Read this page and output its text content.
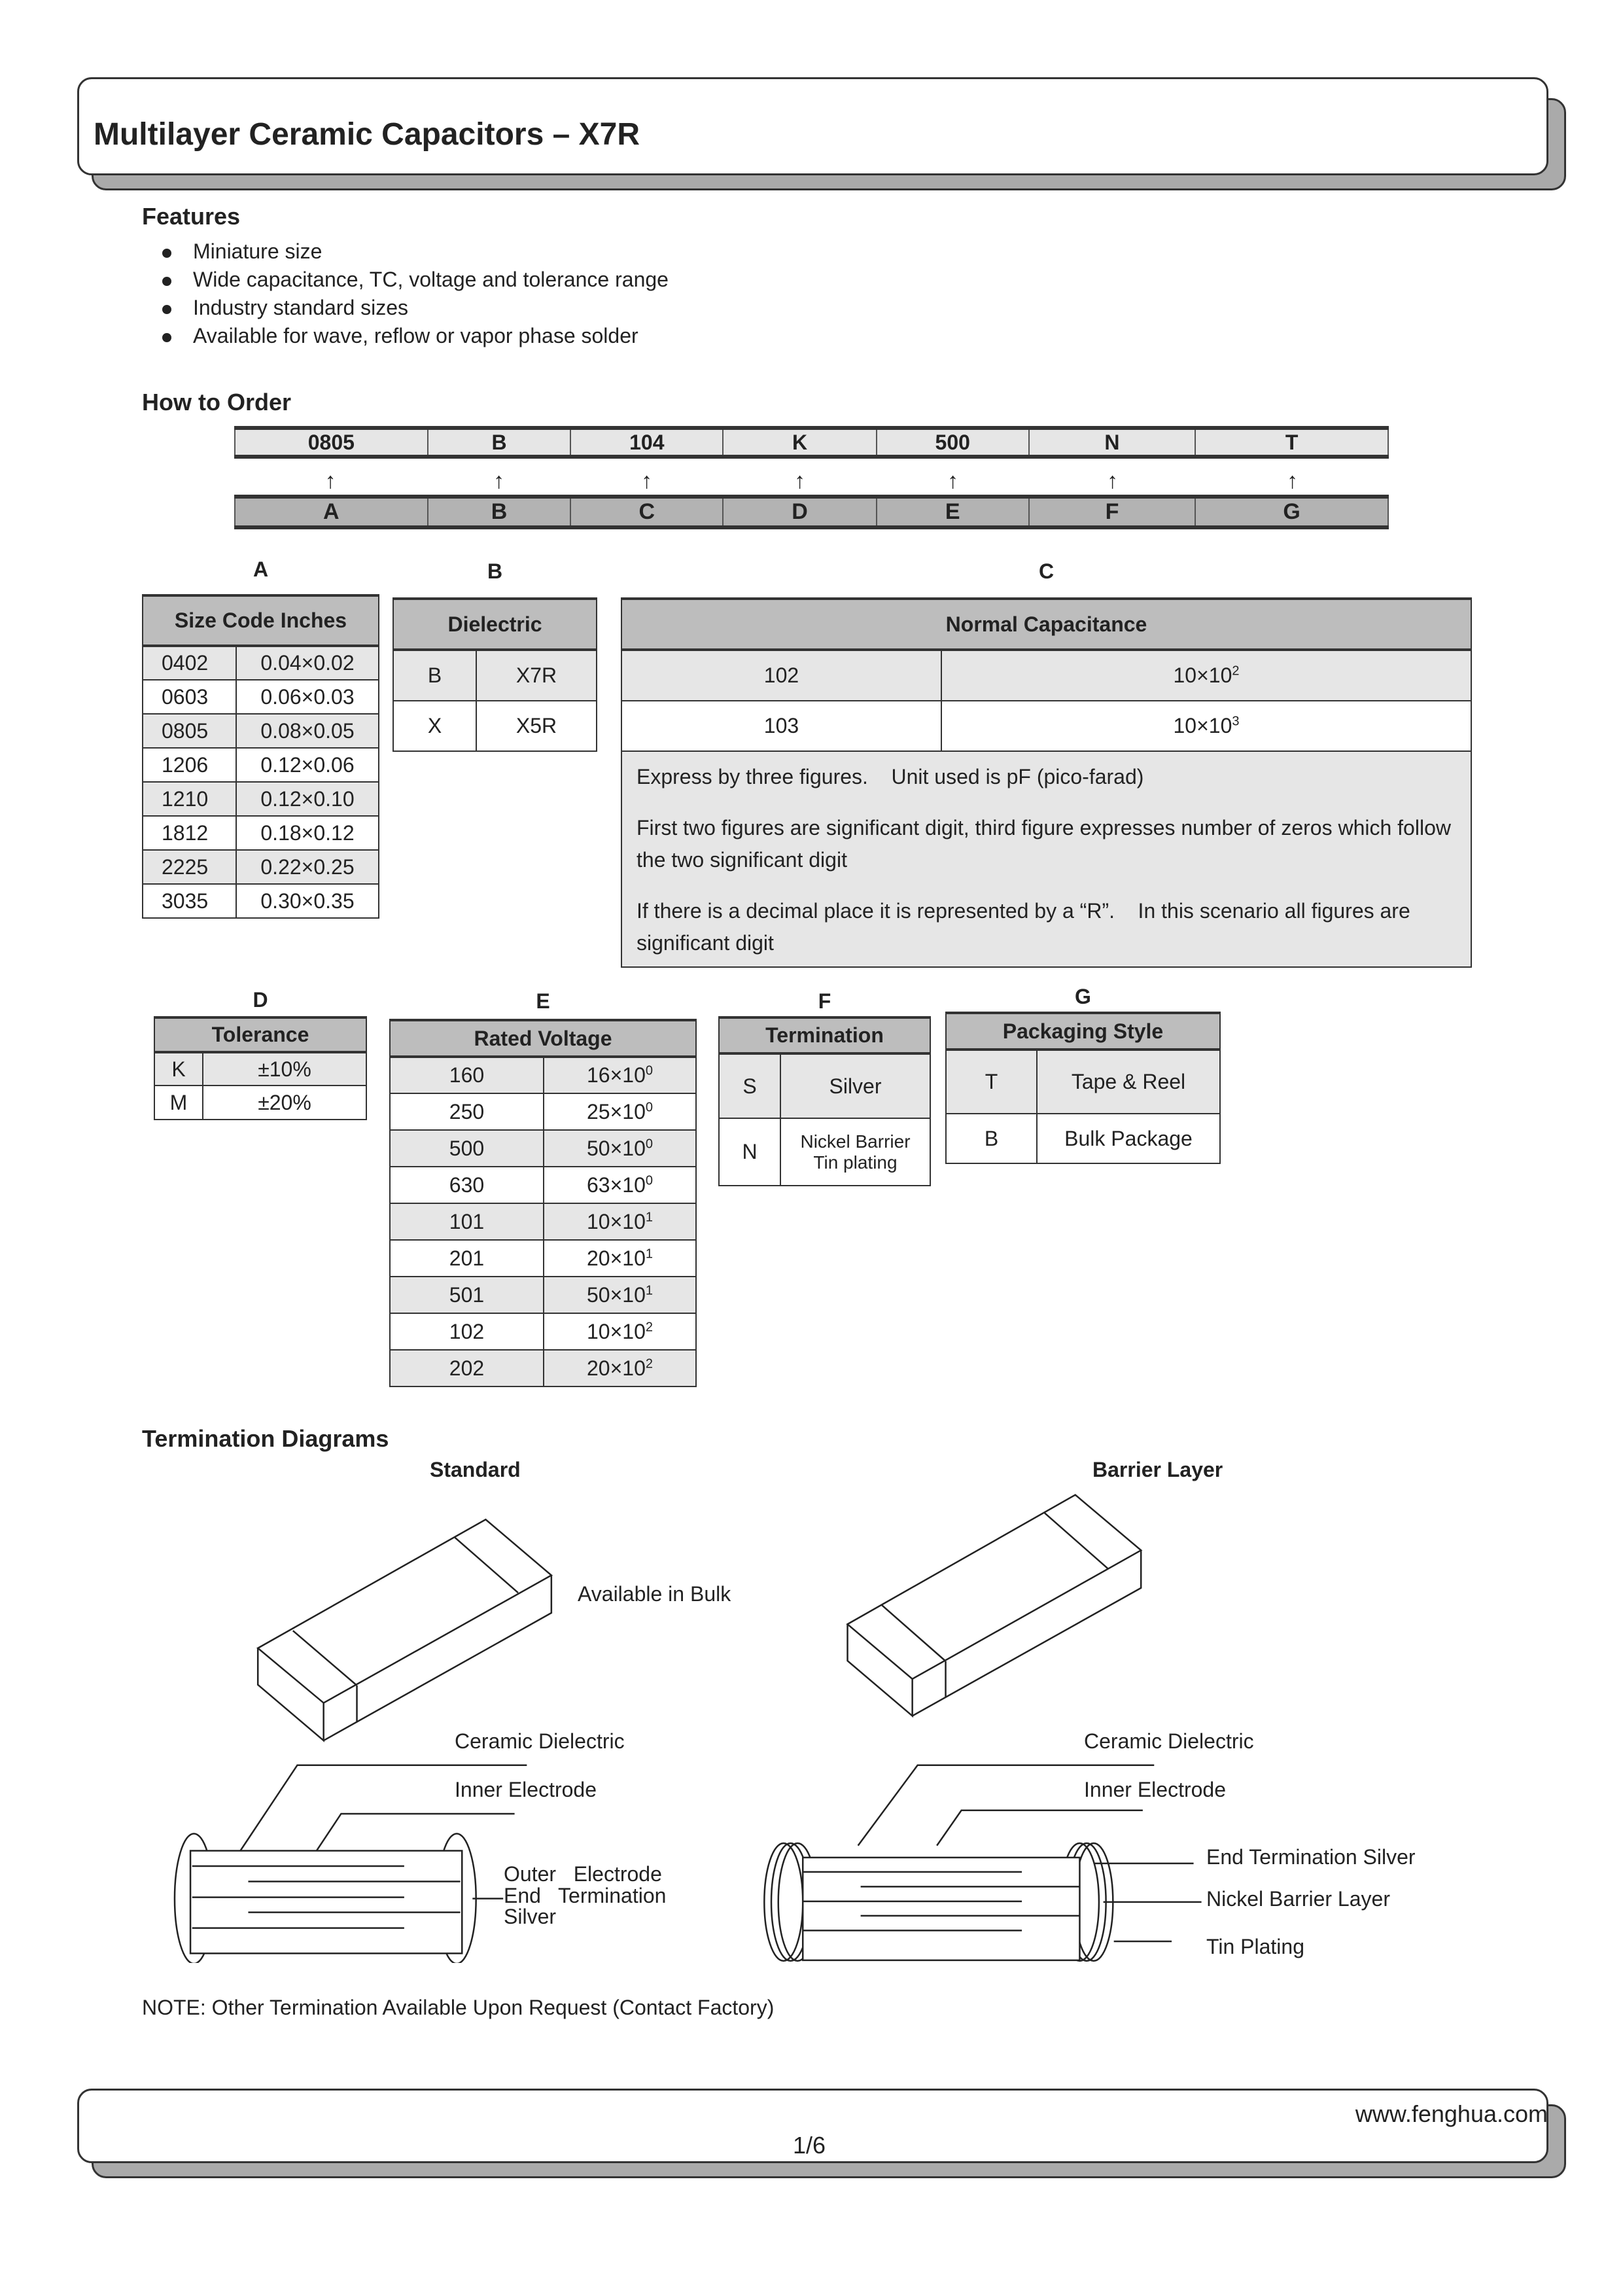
Multilayer Ceramic Capacitors – X7R
Features
Miniature size
Wide capacitance, TC, voltage and tolerance range
Industry standard sizes
Available for wave, reflow or vapor phase solder
How to Order
0805	B	104	K	500	N	T
↑	↑	↑	↑	↑	↑	↑
A	B	C	D	E	F	G
A
Size Code Inches	
0402	0.04×0.02

0603	0.06×0.03

0805	0.08×0.05

1206	0.12×0.06

1210	0.12×0.10

1812	0.18×0.12

2225	0.22×0.25

3035	0.30×0.35
B
Dielectric	
B	X7R

X	X5R
C
Normal Capacitance	
102	$10\times 10^2$
103	$10\times 10^3$

Express by three figures.    Unit used is pF (pico-farad)
First two figures are significant digit, third figure expresses number of zeros which follow the two significant digit
If there is a decimal place it is represented by a “R”.    In this scenario all figures are significant digit	
D
Tolerance	
K	±10%

M	±20%
E
Rated Voltage	
160	$16\times 10^0$
250	$25\times 10^0$
500	$50\times 10^0$
630	$63\times 10^0$
101	$10\times 10^1$
201	$20\times 10^1$
501	$50\times 10^1$
102	$10\times 10^2$
202	$20\times 10^2$
F
Termination	
S	Silver

N	Nickel Barrier
Tin plating
G
Packaging Style	
T	Tape & Reel

B	Bulk Package
Termination Diagrams
Standard	Barrier Layer
Available in Bulk
Ceramic Dielectric
Inner Electrode
Outer   Electrode
End   Termination
Silver
Ceramic Dielectric
Inner Electrode
End Termination Silver
Nickel Barrier Layer
Tin Plating
NOTE: Other Termination Available Upon Request (Contact Factory)
www.fenghua.com
1/6
